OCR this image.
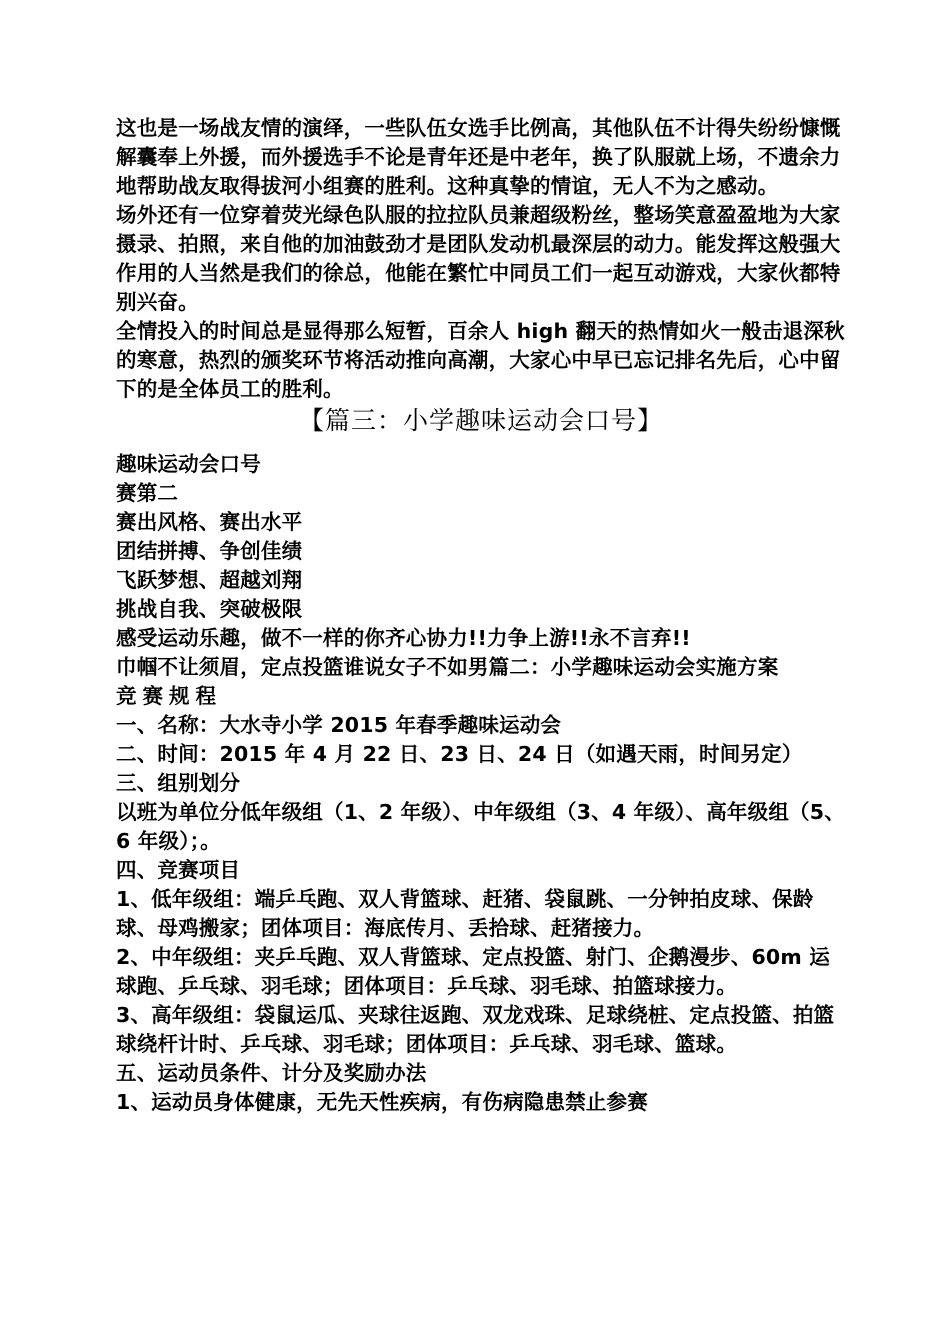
这也是一场战友情的演绎，一些队伍女选手比例高，其他队伍不计得失纷纷慷慨解囊奉上外援，而外援选手不论是青年还是中老年，换了队服就上场，不遗余力地帮助战友取得拔河小组赛的胜利。这种真挚的情谊，无人不为之感动。

场外还有一位穿着荧光绿色队服的拉拉队员兼超级粉丝，整场笑意盈盈地为大家摄录、拍照，来自他的加油鼓劲才是团队发动机最深层的动力。能发挥这般强大作用的人当然是我们的徐总，他能在繁忙中同员工们一起互动游戏，大家伙都特别兴奋。

全情投入的时间总是显得那么短暂，百余人 high 翻天的热情如火一般击退深秋的寒意，热烈的颁奖环节将活动推向高潮，大家心中早已忘记排名先后，心中留下的是全体员工的胜利。

【篇三：小学趣味运动会口号】

趣味运动会口号

赛第二

赛出风格、赛出水平

团结拼搏、争创佳绩

飞跃梦想、超越刘翔

挑战自我、突破极限

感受运动乐趣，做不一样的你齐心协力!!力争上游!!永不言弃!!

巾帼不让须眉，定点投篮谁说女子不如男篇二：小学趣味运动会实施方案

竞赛规程

一、名称：大水寺小学 2015 年春季趣味运动会

二、时间：2015 年 4 月 22 日、23 日、24 日（如遇天雨，时间另定）

三、组别划分

以班为单位分低年级组（1、2 年级）、中年级组（3、4 年级）、高年级组（5、6 年级）；。

四、竞赛项目

1、低年级组：端乒乓跑、双人背篮球、赶猪、袋鼠跳、一分钟拍皮球、保龄球、母鸡搬家；团体项目：海底传月、丢拾球、赶猪接力。

2、中年级组：夹乒乓跑、双人背篮球、定点投篮、射门、企鹅漫步、60m 运球跑、乒乓球、羽毛球；团体项目：乒乓球、羽毛球、拍篮球接力。

3、高年级组：袋鼠运瓜、夹球往返跑、双龙戏珠、足球绕桩、定点投篮、拍篮球绕杆计时、乒乓球、羽毛球；团体项目：乒乓球、羽毛球、篮球。

五、运动员条件、计分及奖励办法

1、运动员身体健康，无先天性疾病，有伤病隐患禁止参赛
